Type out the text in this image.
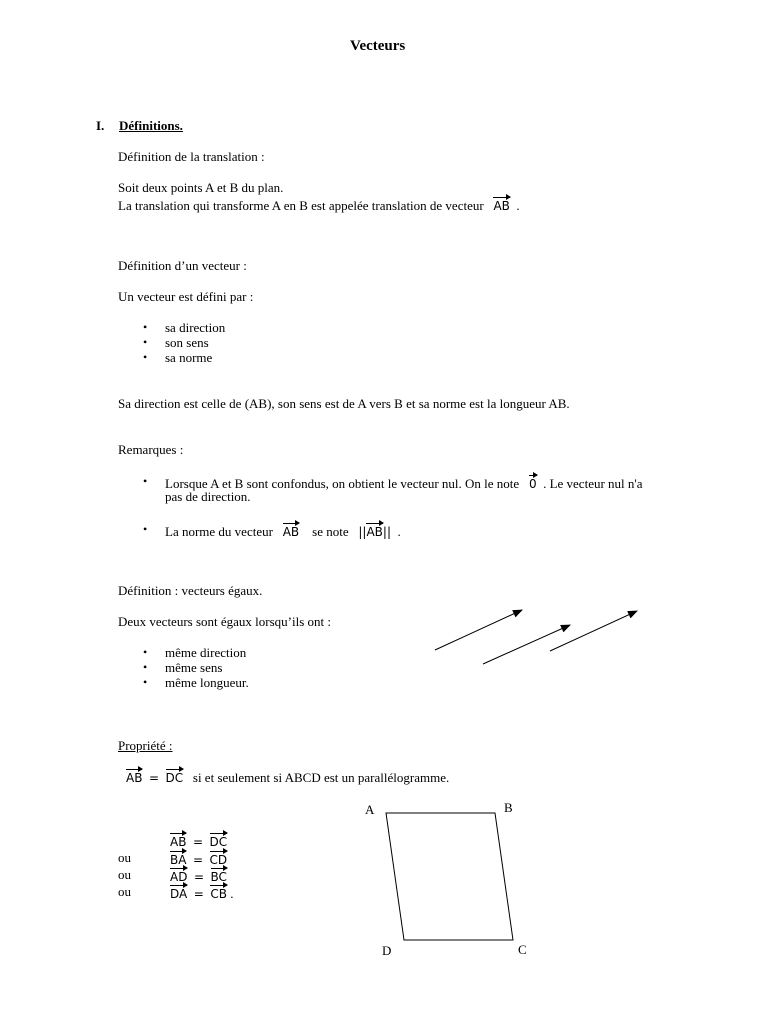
Vecteurs
I. Définitions.
Définition de la translation :
Soit deux points A et B du plan.
La translation qui transforme A en B est appelée translation de vecteur AB .
Définition d’un vecteur :
Un vecteur est défini par :
• sa direction
• son sens
• sa norme
Sa direction est celle de (AB), son sens est de A vers B et sa norme est la longueur AB.
Remarques :
• Lorsque A et B sont confondus, on obtient le vecteur nul. On le note 0 . Le vecteur nul n'a
pas de direction.
• La norme du vecteur AB se note ||AB|| .
Définition : vecteurs égaux.
Deux vecteurs sont égaux lorsqu’ils ont :
• même direction
• même sens
• même longueur.
Propriété :
AB = DC si et seulement si ABCD est un parallélogramme.
AB = DC
ou	BA = CD
ou	AD = BC
ou	DA = CB .
A	B
C
D
